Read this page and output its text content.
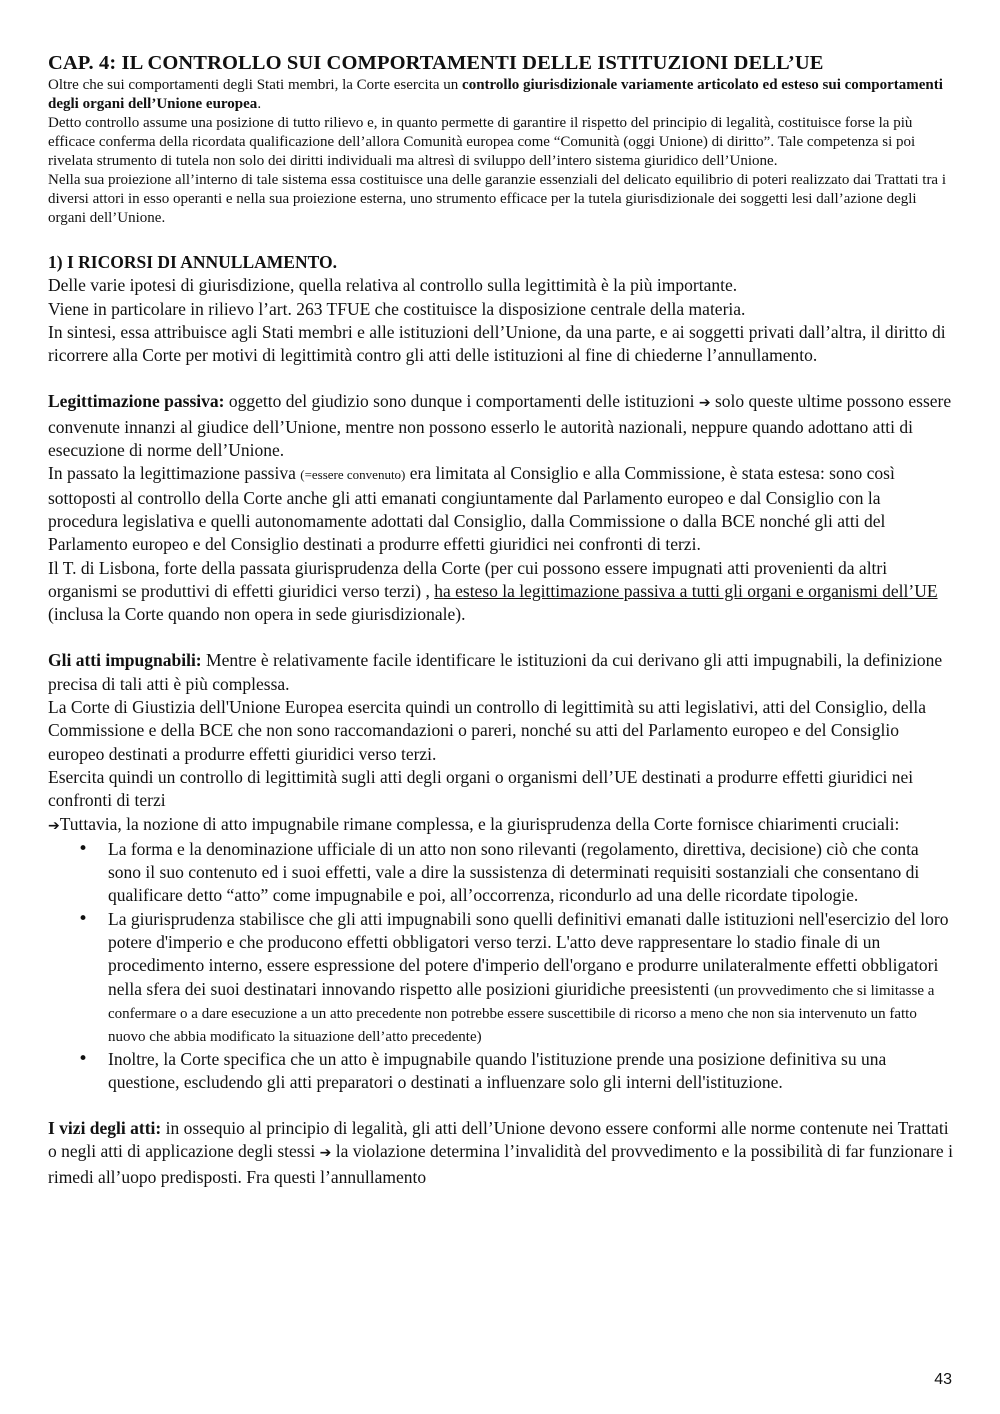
CAP. 4: IL CONTROLLO SUI COMPORTAMENTI DELLE ISTITUZIONI DELL’UE

Oltre che sui comportamenti degli Stati membri, la Corte esercita un controllo giurisdizionale variamente articolato ed esteso sui comportamenti degli organi dell’Unione europea.

Detto controllo assume una posizione di tutto rilievo e, in quanto permette di garantire il rispetto del principio di legalità, costituisce forse la più efficace conferma della ricordata qualificazione dell’allora Comunità europea come “Comunità (oggi Unione) di diritto”. Tale competenza si poi rivelata strumento di tutela non solo dei diritti individuali ma altresì di sviluppo dell’intero sistema giuridico dell’Unione.

Nella sua proiezione all’interno di tale sistema essa costituisce una delle garanzie essenziali del delicato equilibrio di poteri realizzato dai Trattati tra i diversi attori in esso operanti e nella sua proiezione esterna, uno strumento efficace per la tutela giurisdizionale dei soggetti lesi dall’azione degli organi dell’Unione.

1) I RICORSI DI ANNULLAMENTO.

Delle varie ipotesi di giurisdizione, quella relativa al controllo sulla legittimità è la più importante.

Viene in particolare in rilievo l’art. 263 TFUE che costituisce la disposizione centrale della materia.

In sintesi, essa attribuisce agli Stati membri e alle istituzioni dell’Unione, da una parte, e ai soggetti privati dall’altra, il diritto di ricorrere alla Corte per motivi di legittimità contro gli atti delle istituzioni al fine di chiederne l’annullamento.

Legittimazione passiva: oggetto del giudizio sono dunque i comportamenti delle istituzioni ➔ solo queste ultime possono essere convenute innanzi al giudice dell’Unione, mentre non possono esserlo le autorità nazionali, neppure quando adottano atti di esecuzione di norme dell’Unione.

In passato la legittimazione passiva (=essere convenuto) era limitata al Consiglio e alla Commissione, è stata estesa: sono così sottoposti al controllo della Corte anche gli atti emanati congiuntamente dal Parlamento europeo e dal Consiglio con la procedura legislativa e quelli autonomamente adottati dal Consiglio, dalla Commissione o dalla BCE nonché gli atti del Parlamento europeo e del Consiglio destinati a produrre effetti giuridici nei confronti di terzi.

Il T. di Lisbona, forte della passata giurisprudenza della Corte (per cui possono essere impugnati atti provenienti da altri organismi se produttivi di effetti giuridici verso terzi) , ha esteso la legittimazione passiva a tutti gli organi e organismi dell’UE (inclusa la Corte quando non opera in sede giurisdizionale).

Gli atti impugnabili: Mentre è relativamente facile identificare le istituzioni da cui derivano gli atti impugnabili, la definizione precisa di tali atti è più complessa.

La Corte di Giustizia dell'Unione Europea esercita quindi un controllo di legittimità su atti legislativi, atti del Consiglio, della Commissione e della BCE che non sono raccomandazioni o pareri, nonché su atti del Parlamento europeo e del Consiglio europeo destinati a produrre effetti giuridici verso terzi.

Esercita quindi un controllo di legittimità sugli atti degli organi o organismi dell’UE destinati a produrre effetti giuridici nei confronti di terzi

➔Tuttavia, la nozione di atto impugnabile rimane complessa, e la giurisprudenza della Corte fornisce chiarimenti cruciali:

• La forma e la denominazione ufficiale di un atto non sono rilevanti (regolamento, direttiva, decisione) ciò che conta sono il suo contenuto ed i suoi effetti, vale a dire la sussistenza di determinati requisiti sostanziali che consentano di qualificare detto “atto” come impugnabile e poi, all’occorrenza, ricondurlo ad una delle ricordate tipologie.
• La giurisprudenza stabilisce che gli atti impugnabili sono quelli definitivi emanati dalle istituzioni nell'esercizio del loro potere d'imperio e che producono effetti obbligatori verso terzi. L'atto deve rappresentare lo stadio finale di un procedimento interno, essere espressione del potere d'imperio dell'organo e produrre unilateralmente effetti obbligatori nella sfera dei suoi destinatari innovando rispetto alle posizioni giuridiche preesistenti (un provvedimento che si limitasse a confermare o a dare esecuzione a un atto precedente non potrebbe essere suscettibile di ricorso a meno che non sia intervenuto un fatto nuovo che abbia modificato la situazione dell’atto precedente)
• Inoltre, la Corte specifica che un atto è impugnabile quando l'istituzione prende una posizione definitiva su una questione, escludendo gli atti preparatori o destinati a influenzare solo gli interni dell'istituzione.

I vizi degli atti: in ossequio al principio di legalità, gli atti dell’Unione devono essere conformi alle norme contenute nei Trattati o negli atti di applicazione degli stessi ➔ la violazione determina l’invalidità del provvedimento e la possibilità di far funzionare i rimedi all’uopo predisposti. Fra questi l’annullamento

43
